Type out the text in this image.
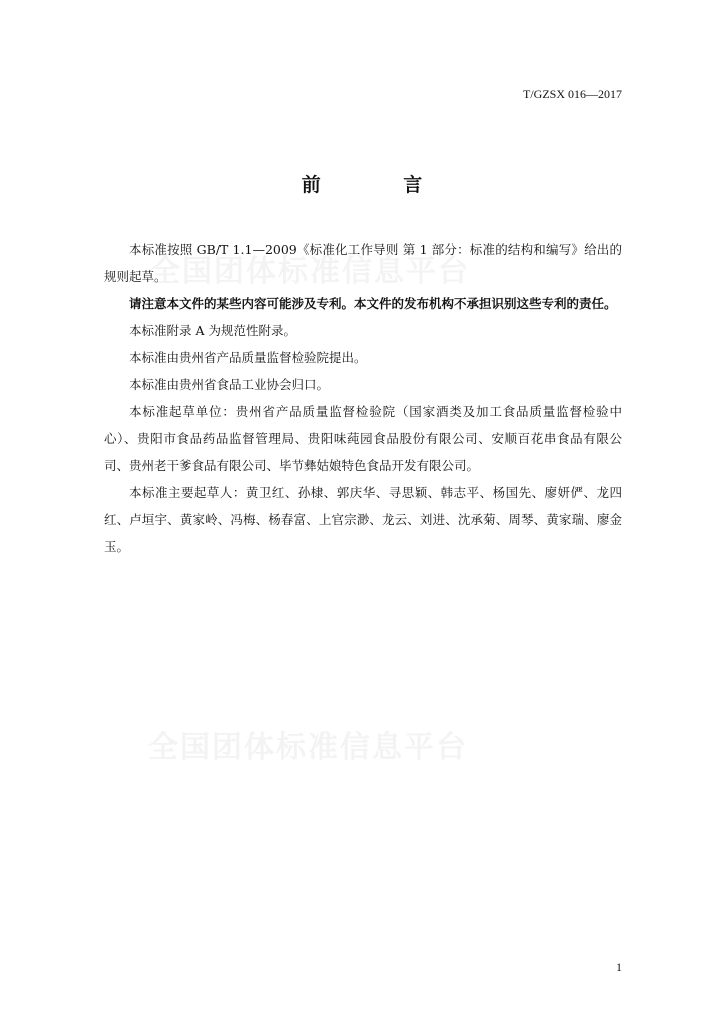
全国团体标准信息平台
全国团体标准信息平台
T/GZSX 016—2017
前 言

本标准按照 GB/T 1.1—2009《标准化工作导则 第 1 部分：标准的结构和编写》给出的规则起草。

请注意本文件的某些内容可能涉及专利。本文件的发布机构不承担识别这些专利的责任。

本标准附录 A 为规范性附录。

本标准由贵州省产品质量监督检验院提出。

本标准由贵州省食品工业协会归口。

本标准起草单位：贵州省产品质量监督检验院（国家酒类及加工食品质量监督检验中心）、贵阳市食品药品监督管理局、贵阳味莼园食品股份有限公司、安顺百花串食品有限公司、贵州老干爹食品有限公司、毕节彝姑娘特色食品开发有限公司。

本标准主要起草人：黄卫红、孙棣、郭庆华、寻思颖、韩志平、杨国先、廖妍俨、龙四红、卢垣宇、黄家岭、冯梅、杨春富、上官宗渺、龙云、刘进、沈承菊、周琴、黄家瑞、廖金玉。

1
